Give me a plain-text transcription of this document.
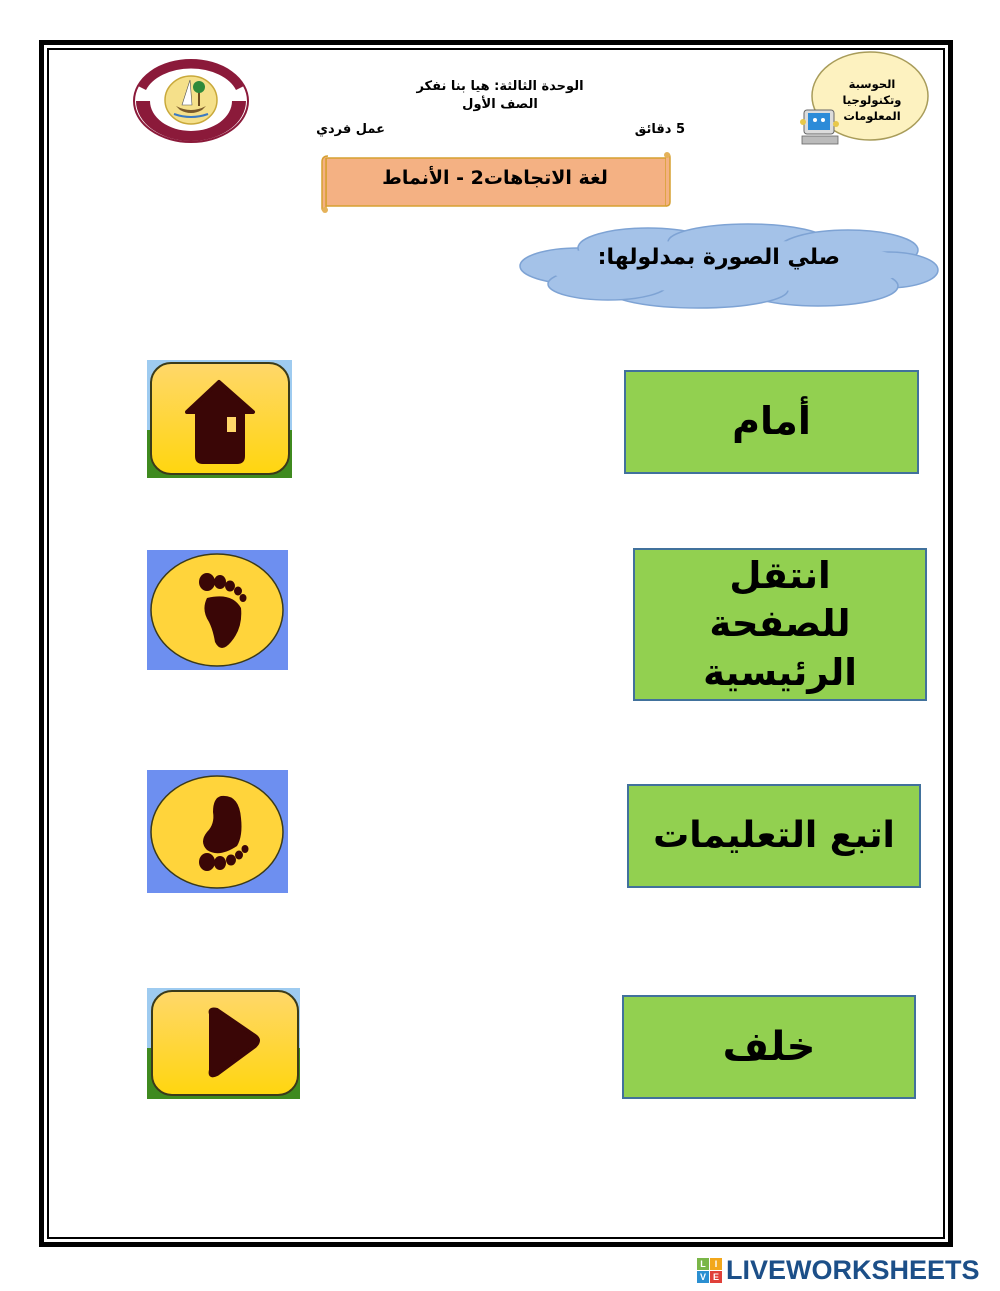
الوحدة الثالثة: هيا بنا نفكر
الصف الأول
5 دقائق
عمل فردي
الحوسبة وتكنولوجيا
المعلومات
لغة الاتجاهات2 - الأنماط
صلي الصورة بمدلولها:
أمام
انتقل للصفحة الرئيسية
اتبع التعليمات
خلف
L I
V E LIVEWORKSHEETS
